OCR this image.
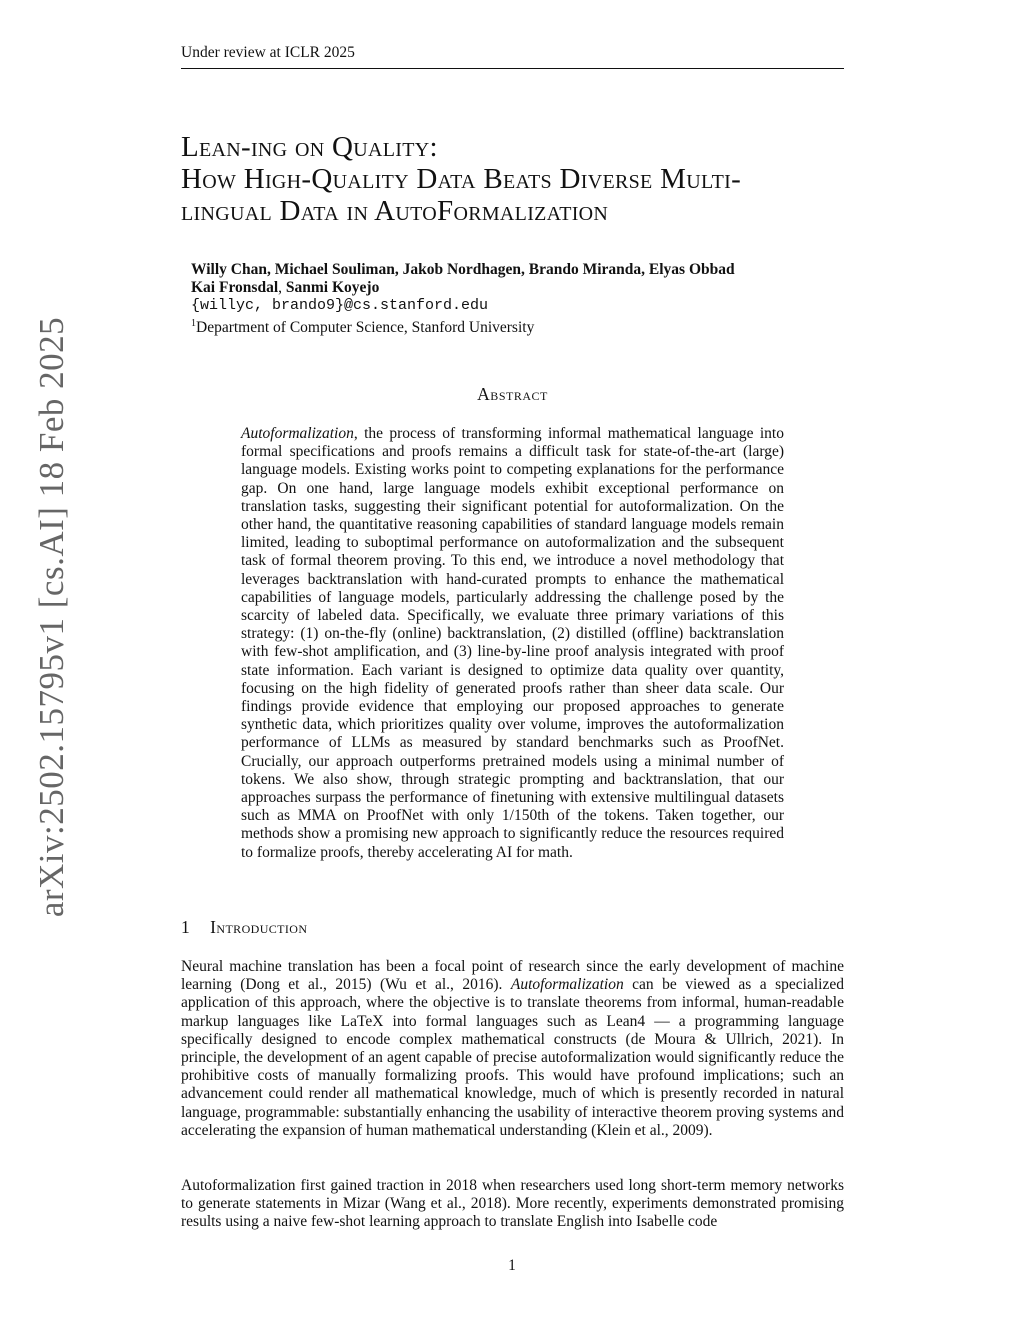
Under review at ICLR 2025
arXiv:2502.15795v1 [cs.AI] 18 Feb 2025
Lean-ing on Quality:
How High-Quality Data Beats Diverse Multi-
lingual Data in AutoFormalization
Willy Chan, Michael Souliman, Jakob Nordhagen, Brando Miranda, Elyas Obbad
Kai Fronsdal, Sanmi Koyejo
{willyc, brando9}@cs.stanford.edu
$^1$Department of Computer Science, Stanford University
Abstract

Autoformalization, the process of transforming informal mathematical language into formal specifications and proofs remains a difficult task for state-of-the-art (large) language models. Existing works point to competing explanations for the performance gap. On one hand, large language models exhibit exceptional performance on translation tasks, suggesting their significant potential for autoformalization. On the other hand, the quantitative reasoning capabilities of standard language models remain limited, leading to suboptimal performance on autoformalization and the subsequent task of formal theorem proving. To this end, we introduce a novel methodology that leverages backtranslation with hand-curated prompts to enhance the mathematical capabilities of language models, particularly addressing the challenge posed by the scarcity of labeled data. Specifically, we evaluate three primary variations of this strategy: (1) on-the-fly (online) backtranslation, (2) distilled (offline) backtranslation with few-shot amplification, and (3) line-by-line proof analysis integrated with proof state information. Each variant is designed to optimize data quality over quantity, focusing on the high fidelity of generated proofs rather than sheer data scale. Our findings provide evidence that employing our proposed approaches to generate synthetic data, which prioritizes quality over volume, improves the autoformalization performance of LLMs as measured by standard benchmarks such as ProofNet. Crucially, our approach outperforms pretrained models using a minimal number of tokens. We also show, through strategic prompting and backtranslation, that our approaches surpass the performance of finetuning with extensive multilingual datasets such as MMA on ProofNet with only 1/150th of the tokens. Taken together, our methods show a promising new approach to significantly reduce the resources required to formalize proofs, thereby accelerating AI for math.

1 Introduction

Neural machine translation has been a focal point of research since the early development of machine learning (Dong et al., 2015) (Wu et al., 2016). Autoformalization can be viewed as a specialized application of this approach, where the objective is to translate theorems from informal, human-readable markup languages like LaTeX into formal languages such as Lean4 — a programming language specifically designed to encode complex mathematical constructs (de Moura & Ullrich, 2021). In principle, the development of an agent capable of precise autoformalization would significantly reduce the prohibitive costs of manually formalizing proofs. This would have profound implications; such an advancement could render all mathematical knowledge, much of which is presently recorded in natural language, programmable: substantially enhancing the usability of interactive theorem proving systems and accelerating the expansion of human mathematical understanding (Klein et al., 2009).

Autoformalization first gained traction in 2018 when researchers used long short-term memory networks to generate statements in Mizar (Wang et al., 2018). More recently, experiments demonstrated promising results using a naive few-shot learning approach to translate English into Isabelle code

1
